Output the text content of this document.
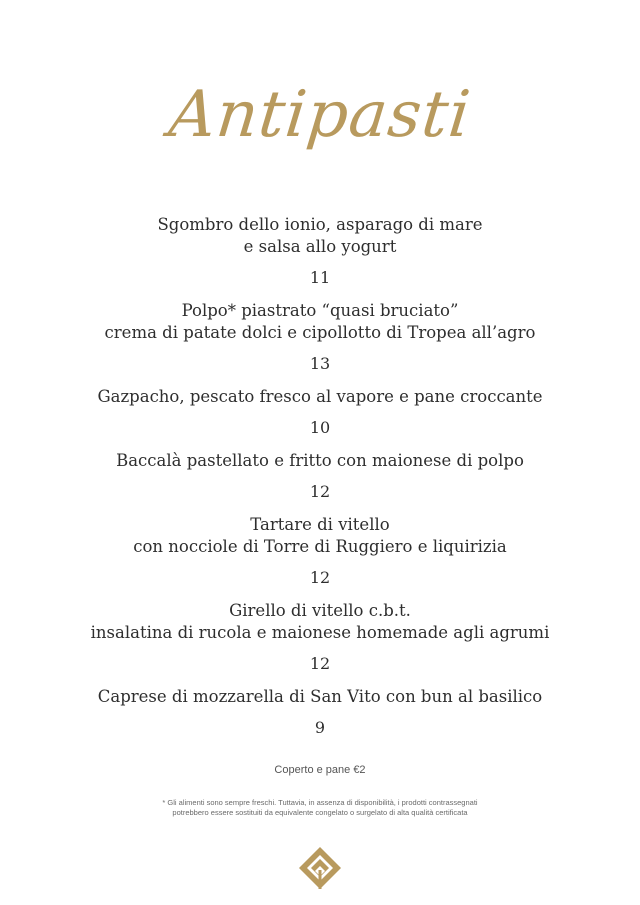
Antipasti
Sgombro dello ionio, asparago di mare
e salsa allo yogurt
11
Polpo* piastrato “quasi bruciato”
crema di patate dolci e cipollotto di Tropea all’agro
13
Gazpacho, pescato fresco al vapore e pane croccante
10
Baccalà pastellato e fritto con maionese di polpo
12
Tartare di vitello
con nocciole di Torre di Ruggiero e liquirizia
12
Girello di vitello c.b.t.
insalatina di rucola e maionese homemade agli agrumi
12
Caprese di mozzarella di San Vito con bun al basilico
9
Coperto e pane €2
* Gli alimenti sono sempre freschi. Tuttavia, in assenza di disponibilità, i prodotti contrassegnati
potrebbero essere sostituiti da equivalente congelato o surgelato di alta qualità certificata
